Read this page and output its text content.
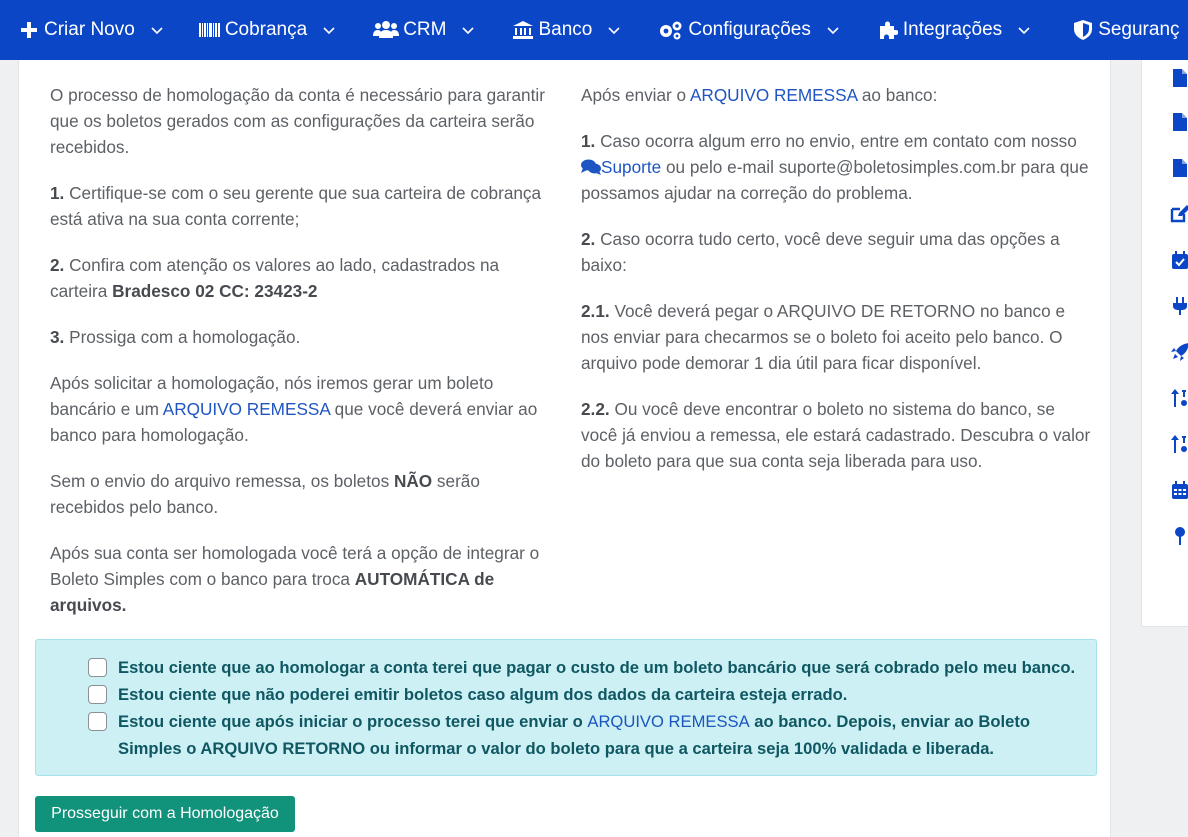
Criar Novo	Cobrança	CRM	Banco	Configurações	Integrações	Seguranç

O processo de homologação da conta é necessário para garantir que os boletos gerados com as configurações da carteira serão recebidos.

1. Certifique-se com o seu gerente que sua carteira de cobrança está ativa na sua conta corrente;

2. Confira com atenção os valores ao lado, cadastrados na carteira Bradesco 02 CC: 23423-2

3. Prossiga com a homologação.

Após solicitar a homologação, nós iremos gerar um boleto bancário e um ARQUIVO REMESSA que você deverá enviar ao banco para homologação.

Sem o envio do arquivo remessa, os boletos NÃO serão recebidos pelo banco.

Após sua conta ser homologada você terá a opção de integrar o Boleto Simples com o banco para troca AUTOMÁTICA de arquivos.

Após enviar o ARQUIVO REMESSA ao banco:

1. Caso ocorra algum erro no envio, entre em contato com nosso Suporte ou pelo e-mail suporte@boletosimples.com.br para que possamos ajudar na correção do problema.

2. Caso ocorra tudo certo, você deve seguir uma das opções a baixo:

2.1. Você deverá pegar o ARQUIVO DE RETORNO no banco e nos enviar para checarmos se o boleto foi aceito pelo banco. O arquivo pode demorar 1 dia útil para ficar disponível.

2.2. Ou você deve encontrar o boleto no sistema do banco, se você já enviou a remessa, ele estará cadastrado. Descubra o valor do boleto para que sua conta seja liberada para uso.

Estou ciente que ao homologar a conta terei que pagar o custo de um boleto bancário que será cobrado pelo meu banco.
Estou ciente que não poderei emitir boletos caso algum dos dados da carteira esteja errado.
Estou ciente que após iniciar o processo terei que enviar o ARQUIVO REMESSA ao banco. Depois, enviar ao Boleto Simples o ARQUIVO RETORNO ou informar o valor do boleto para que a carteira seja 100% validada e liberada.
Prosseguir com a Homologação
